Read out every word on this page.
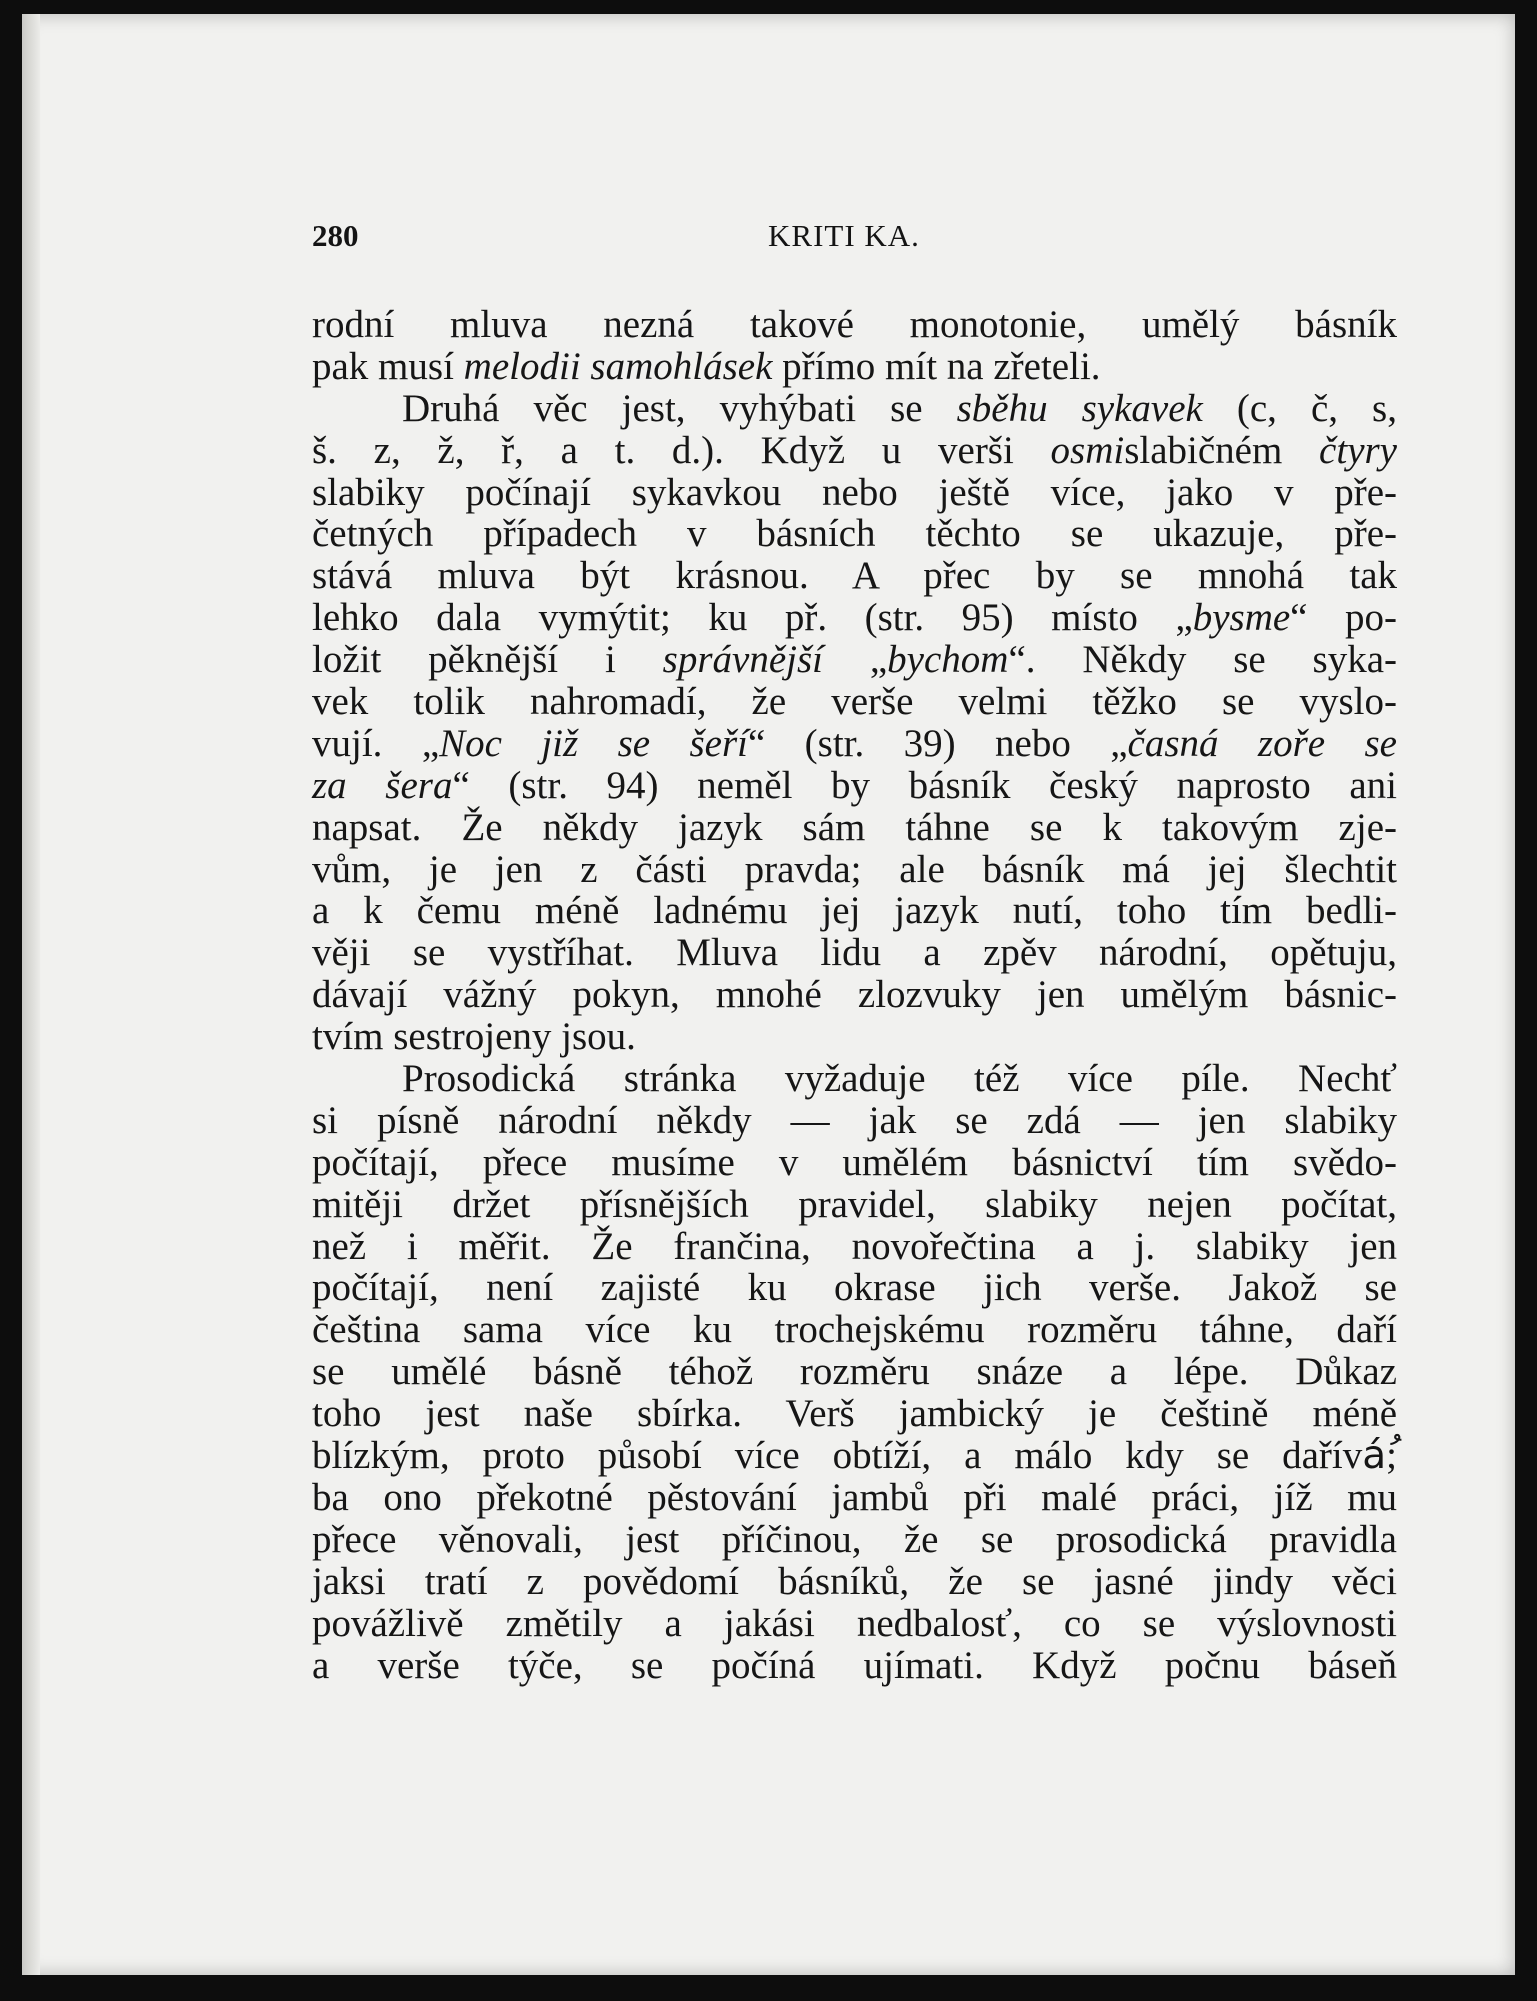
280	KRITI KA.
rodní mluva nezná takové monotonie, umělý básník
pak musí melodii samohlásek přímo mít na zřeteli.
Druhá věc jest, vyhýbati se sběhu sykavek (c, č, s,
š. z, ž, ř, a t. d.). Když u verši osmislabičném čtyry
slabiky počínají sykavkou nebo ještě více, jako v pře-
četných případech v básních těchto se ukazuje, pře-
stává mluva být krásnou. A přec by se mnohá tak
lehko dala vymýtit; ku př. (str. 95) místo „bysme“ po-
ložit pěknější i správnější „bychom“. Někdy se syka-
vek tolik nahromadí, že verše velmi těžko se vyslo-
vují. „Noc již se šeří“ (str. 39) nebo „časná zoře se
za šera“ (str. 94) neměl by básník český naprosto ani
napsat. Že někdy jazyk sám táhne se k takovým zje-
vům, je jen z části pravda; ale básník má jej šlechtit
a k čemu méně ladnému jej jazyk nutí, toho tím bedli-
věji se vystříhat. Mluva lidu a zpěv národní, opětuju,
dávají vážný pokyn, mnohé zlozvuky jen umělým básnic-
tvím sestrojeny jsou.
Prosodická stránka vyžaduje též více píle. Nechť
si písně národní někdy — jak se zdá — jen slabiky
počítají, přece musíme v umělém básnictví tím svědo-
mitěji držet přísnějších pravidel, slabiky nejen počítat,
než i měřit. Že frančina, novořečtina a j. slabiky jen
počítají, není zajisté ku okrase jich verše. Jakož se
čeština sama více ku trochejskému rozměru táhne, daří
se umělé básně téhož rozměru snáze a lépe. Důkaz
toho jest naše sbírka. Verš jambický je češtině méně
blízkým, proto působí více obtíží, a málo kdy se daříváُ;
ba ono překotné pěstování jambů při malé práci, jíž mu
přece věnovali, jest příčinou, že se prosodická pravidla
jaksi tratí z povědomí básníků, že se jasné jindy věci
povážlivě změtily a jakási nedbalosť, co se výslovnosti
a verše týče, se počíná ujímati. Když počnu báseň
